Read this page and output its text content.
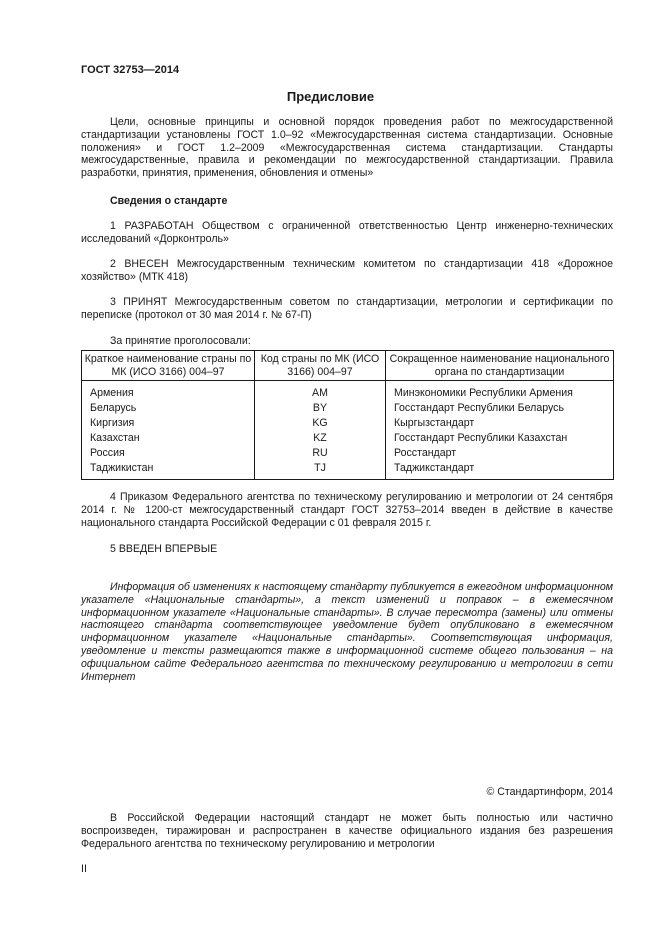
ГОСТ 32753—2014
Предисловие
Цели, основные принципы и основной порядок проведения работ по межгосударственной стандартизации установлены ГОСТ 1.0–92 «Межгосударственная система стандартизации. Основные положения» и ГОСТ 1.2–2009 «Межгосударственная система стандартизации. Стандарты межгосударственные, правила и рекомендации по межгосударственной стандартизации. Правила разработки, принятия, применения, обновления и отмены»
Сведения о стандарте
1 РАЗРАБОТАН Обществом с ограниченной ответственностью Центр инженерно-технических исследований «Дорконтроль»
2 ВНЕСЕН Межгосударственным техническим комитетом по стандартизации 418 «Дорожное хозяйство» (МТК 418)
3 ПРИНЯТ Межгосударственным советом по стандартизации, метрологии и сертификации по переписке (протокол от 30 мая 2014 г. № 67-П)
За принятие проголосовали:
Краткое наименование страны по МК (ИСО 3166) 004–97	Код страны по МК (ИСО 3166) 004–97	Сокращенное наименование национального органа по стандартизации
Армения	AM	Минэкономики Республики Армения
Беларусь	BY	Госстандарт Республики Беларусь
Киргизия	KG	Кыргызстандарт
Казахстан	KZ	Госстандарт Республики Казахстан
Россия	RU	Росстандарт
Таджикистан	TJ	Таджикстандарт
4 Приказом Федерального агентства по техническому регулированию и метрологии от 24 сентября 2014 г. № 1200-ст межгосударственный стандарт ГОСТ 32753–2014 введен в действие в качестве национального стандарта Российской Федерации с 01 февраля 2015 г.
5 ВВЕДЕН ВПЕРВЫЕ
Информация об изменениях к настоящему стандарту публикуется в ежегодном информационном указателе «Национальные стандарты», а текст изменений и поправок – в ежемесячном информационном указателе «Национальные стандарты». В случае пересмотра (замены) или отмены настоящего стандарта соответствующее уведомление будет опубликовано в ежемесячном информационном указателе «Национальные стандарты». Соответствующая информация, уведомление и тексты размещаются также в информационной системе общего пользования – на официальном сайте Федерального агентства по техническому регулированию и метрологии в сети Интернет
© Стандартинформ, 2014
В Российской Федерации настоящий стандарт не может быть полностью или частично воспроизведен, тиражирован и распространен в качестве официального издания без разрешения Федерального агентства по техническому регулированию и метрологии
II
